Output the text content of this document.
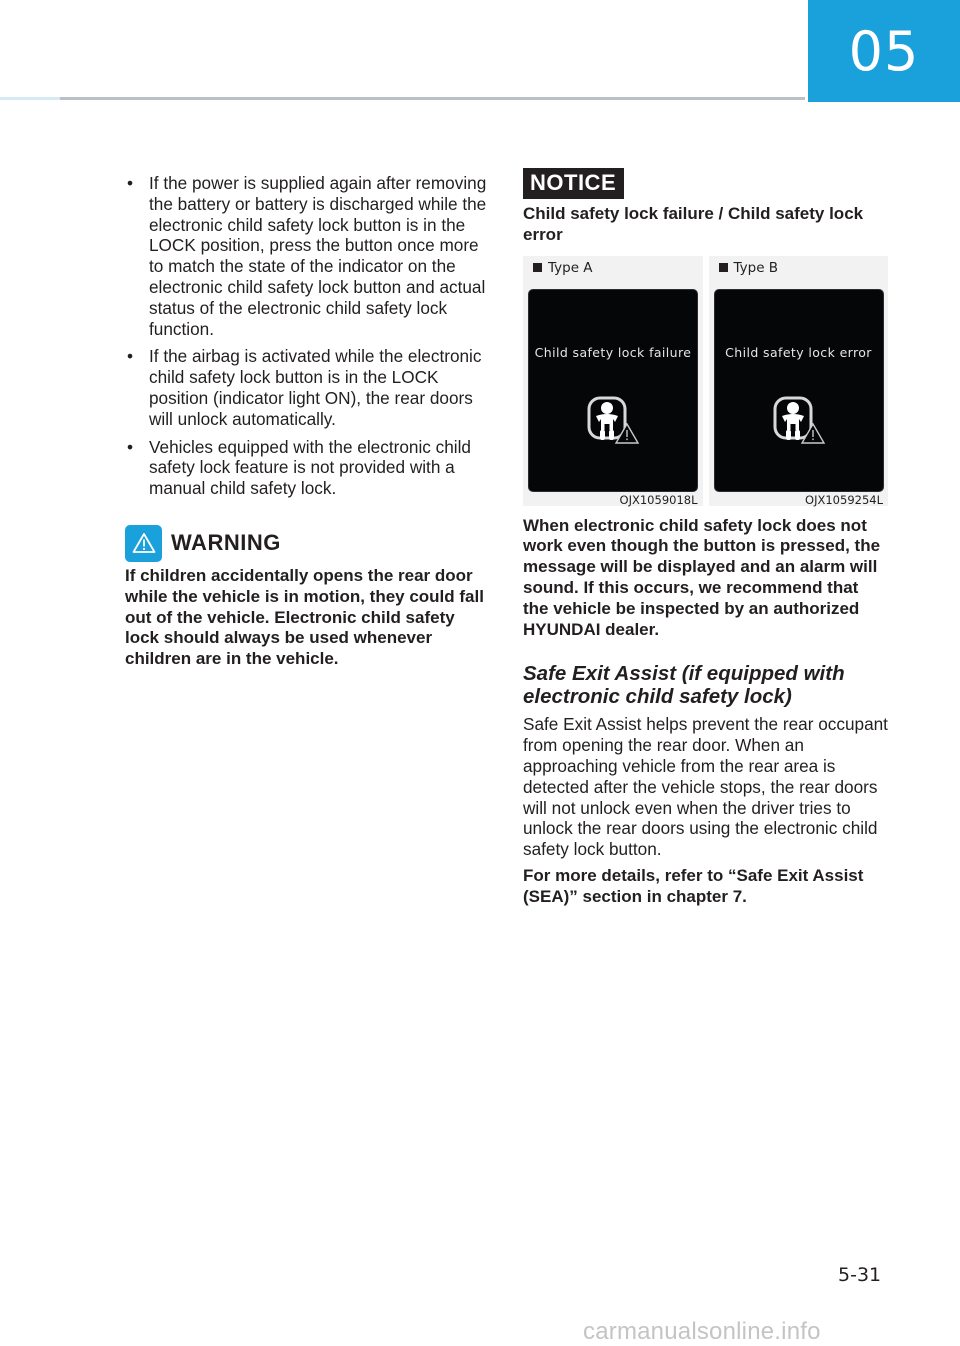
05
• If the power is supplied again after removing the battery or battery is discharged while the electronic child safety lock button is in the LOCK position, press the button once more to match the state of the indicator on the electronic child safety lock button and actual status of the electronic child safety lock function.
• If the airbag is activated while the electronic child safety lock button is in the LOCK position (indicator light ON), the rear doors will unlock automatically.
• Vehicles equipped with the electronic child safety lock feature is not provided with a manual child safety lock.
WARNING
If children accidentally opens the rear door while the vehicle is in motion, they could fall out of the vehicle. Electronic child safety lock should always be used whenever children are in the vehicle.
NOTICE
Child safety lock failure / Child safety lock error
Type A
Child safety lock failure
OJX1059018L
Type B
Child safety lock error
OJX1059254L
When electronic child safety lock does not work even though the button is pressed, the message will be displayed and an alarm will sound. If this occurs, we recommend that the vehicle be inspected by an authorized HYUNDAI dealer.
Safe Exit Assist (if equipped with electronic child safety lock)
Safe Exit Assist helps prevent the rear occupant from opening the rear door. When an approaching vehicle from the rear area is detected after the vehicle stops, the rear doors will not unlock even when the driver tries to unlock the rear doors using the electronic child safety lock button.
For more details, refer to “Safe Exit Assist (SEA)” section in chapter 7.
5-31
carmanualsonline.info
